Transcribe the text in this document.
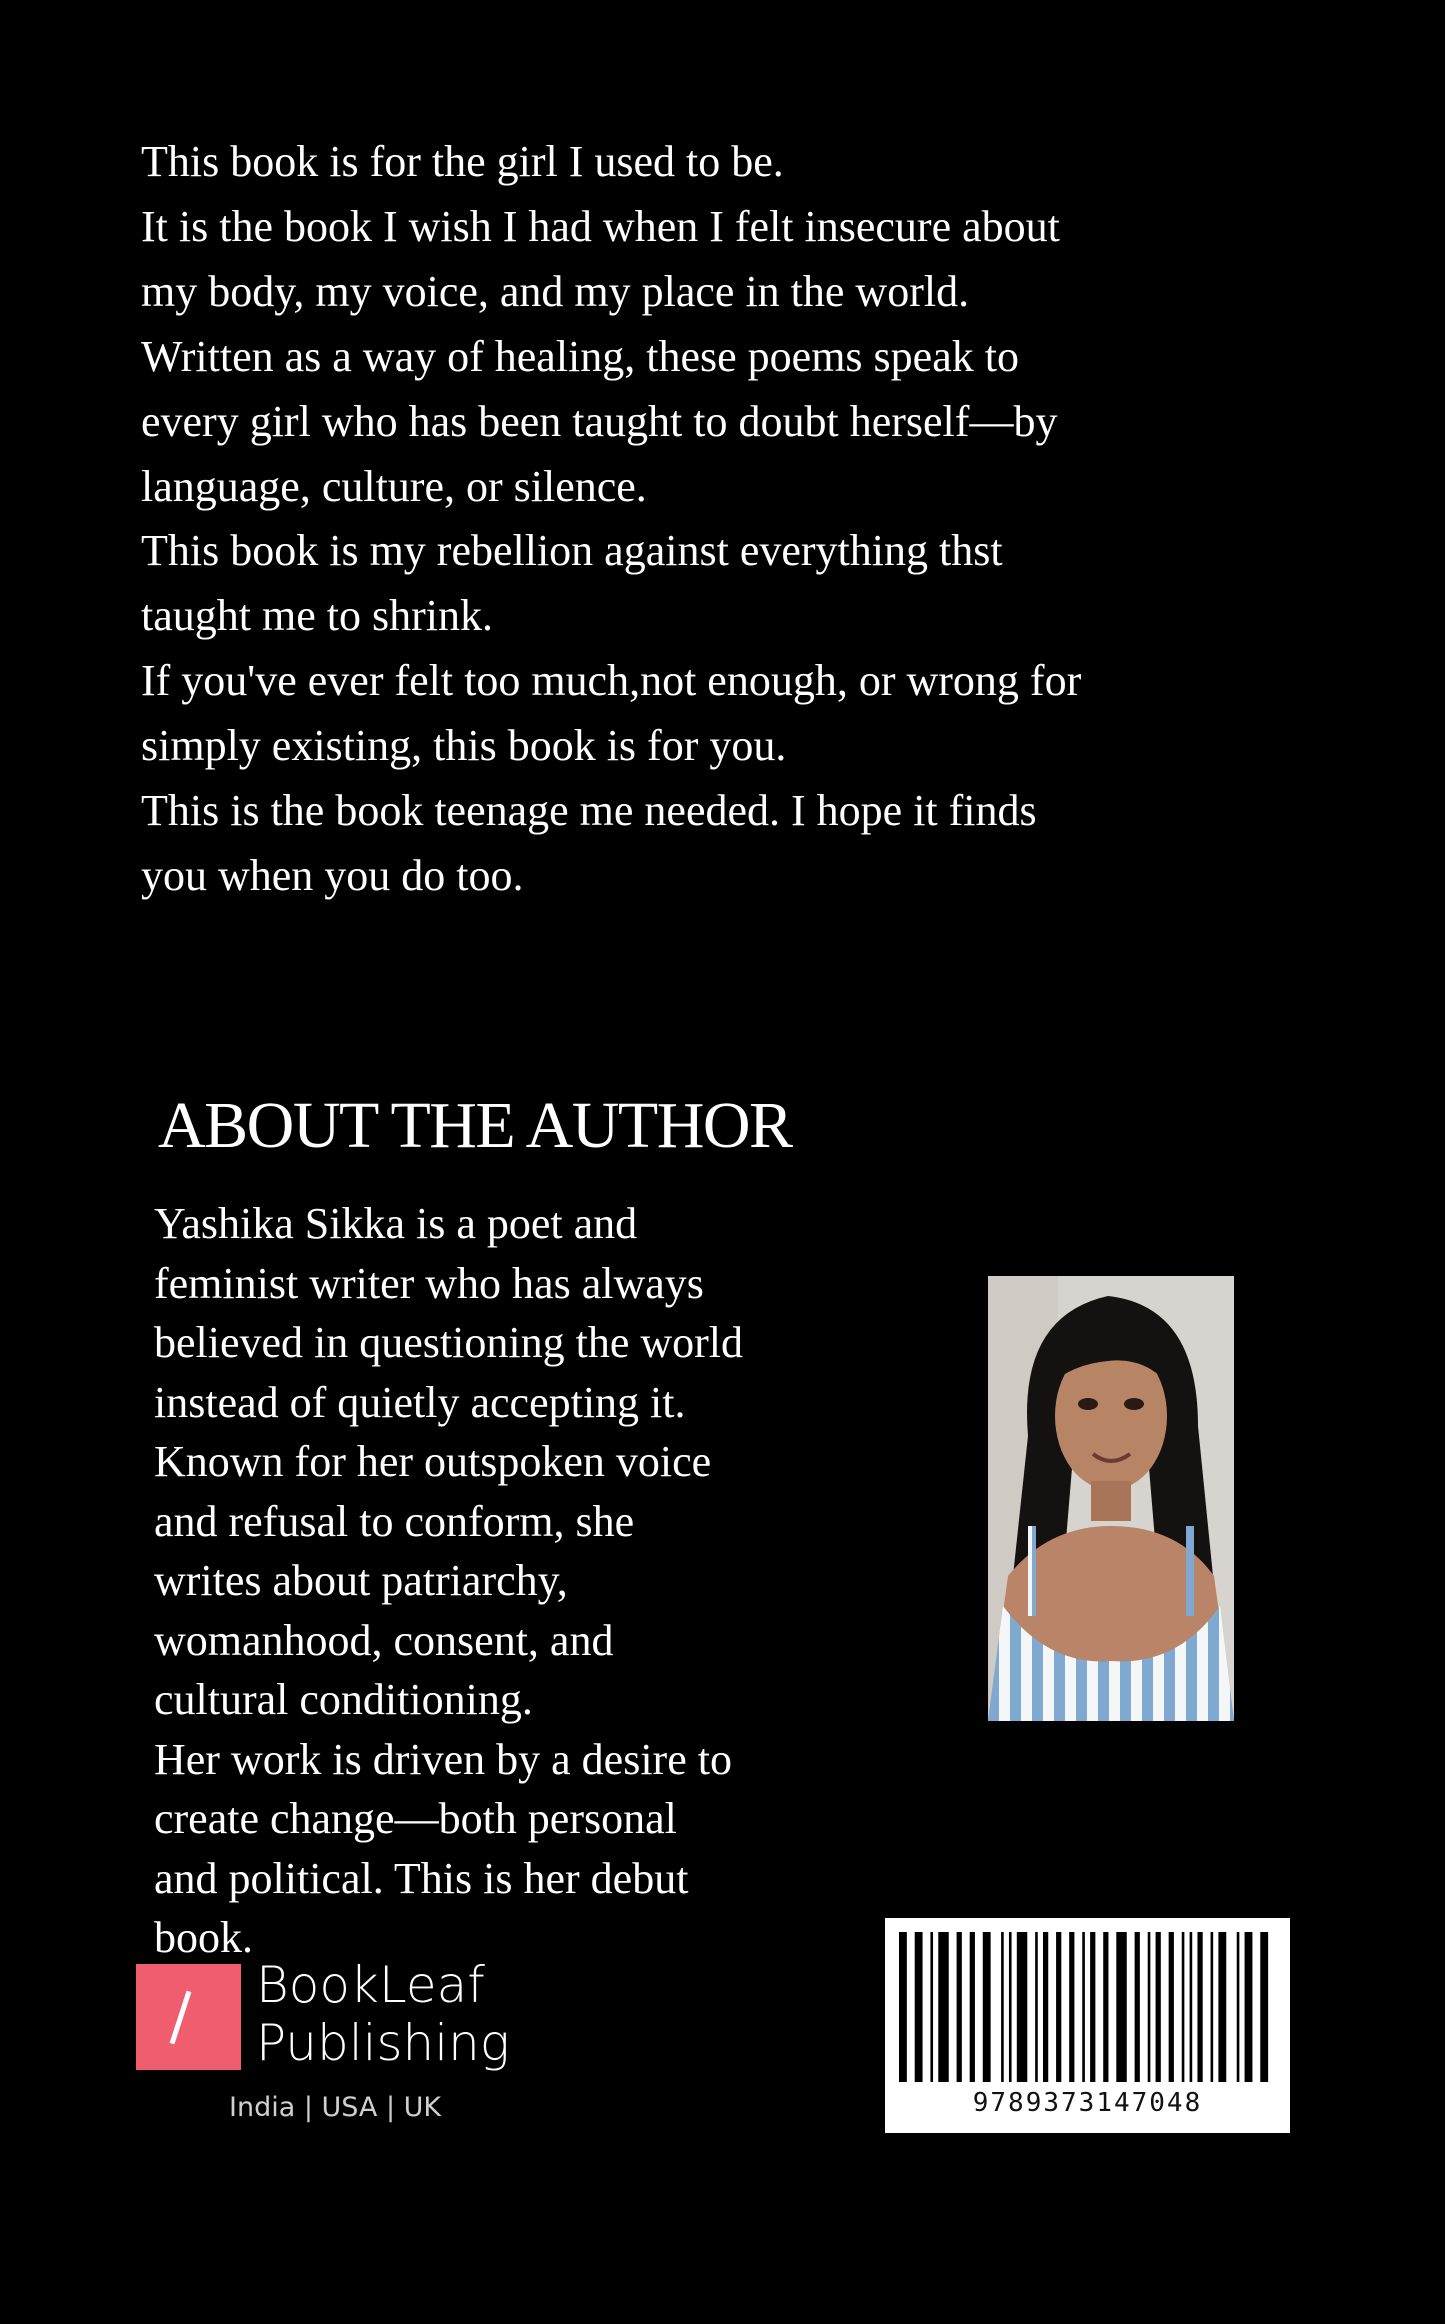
This book is for the girl I used to be.
It is the book I wish I had when I felt insecure about
my body, my voice, and my place in the world.
Written as a way of healing, these poems speak to
every girl who has been taught to doubt herself—by
language, culture, or silence.
This book is my rebellion against everything thst
taught me to shrink.
If you've ever felt too much,not enough, or wrong for
simply existing, this book is for you.
This is the book teenage me needed. I hope it finds
you when you do too.
ABOUT THE AUTHOR
Yashika Sikka is a poet and
feminist writer who has always
believed in questioning the world
instead of quietly accepting it.
Known for her outspoken voice
and refusal to conform, she
writes about patriarchy,
womanhood, consent, and
cultural conditioning.
Her work is driven by a desire to
create change—both personal
and political. This is her debut
book.
BookLeaf
Publishing
India | USA | UK	9789373147048
